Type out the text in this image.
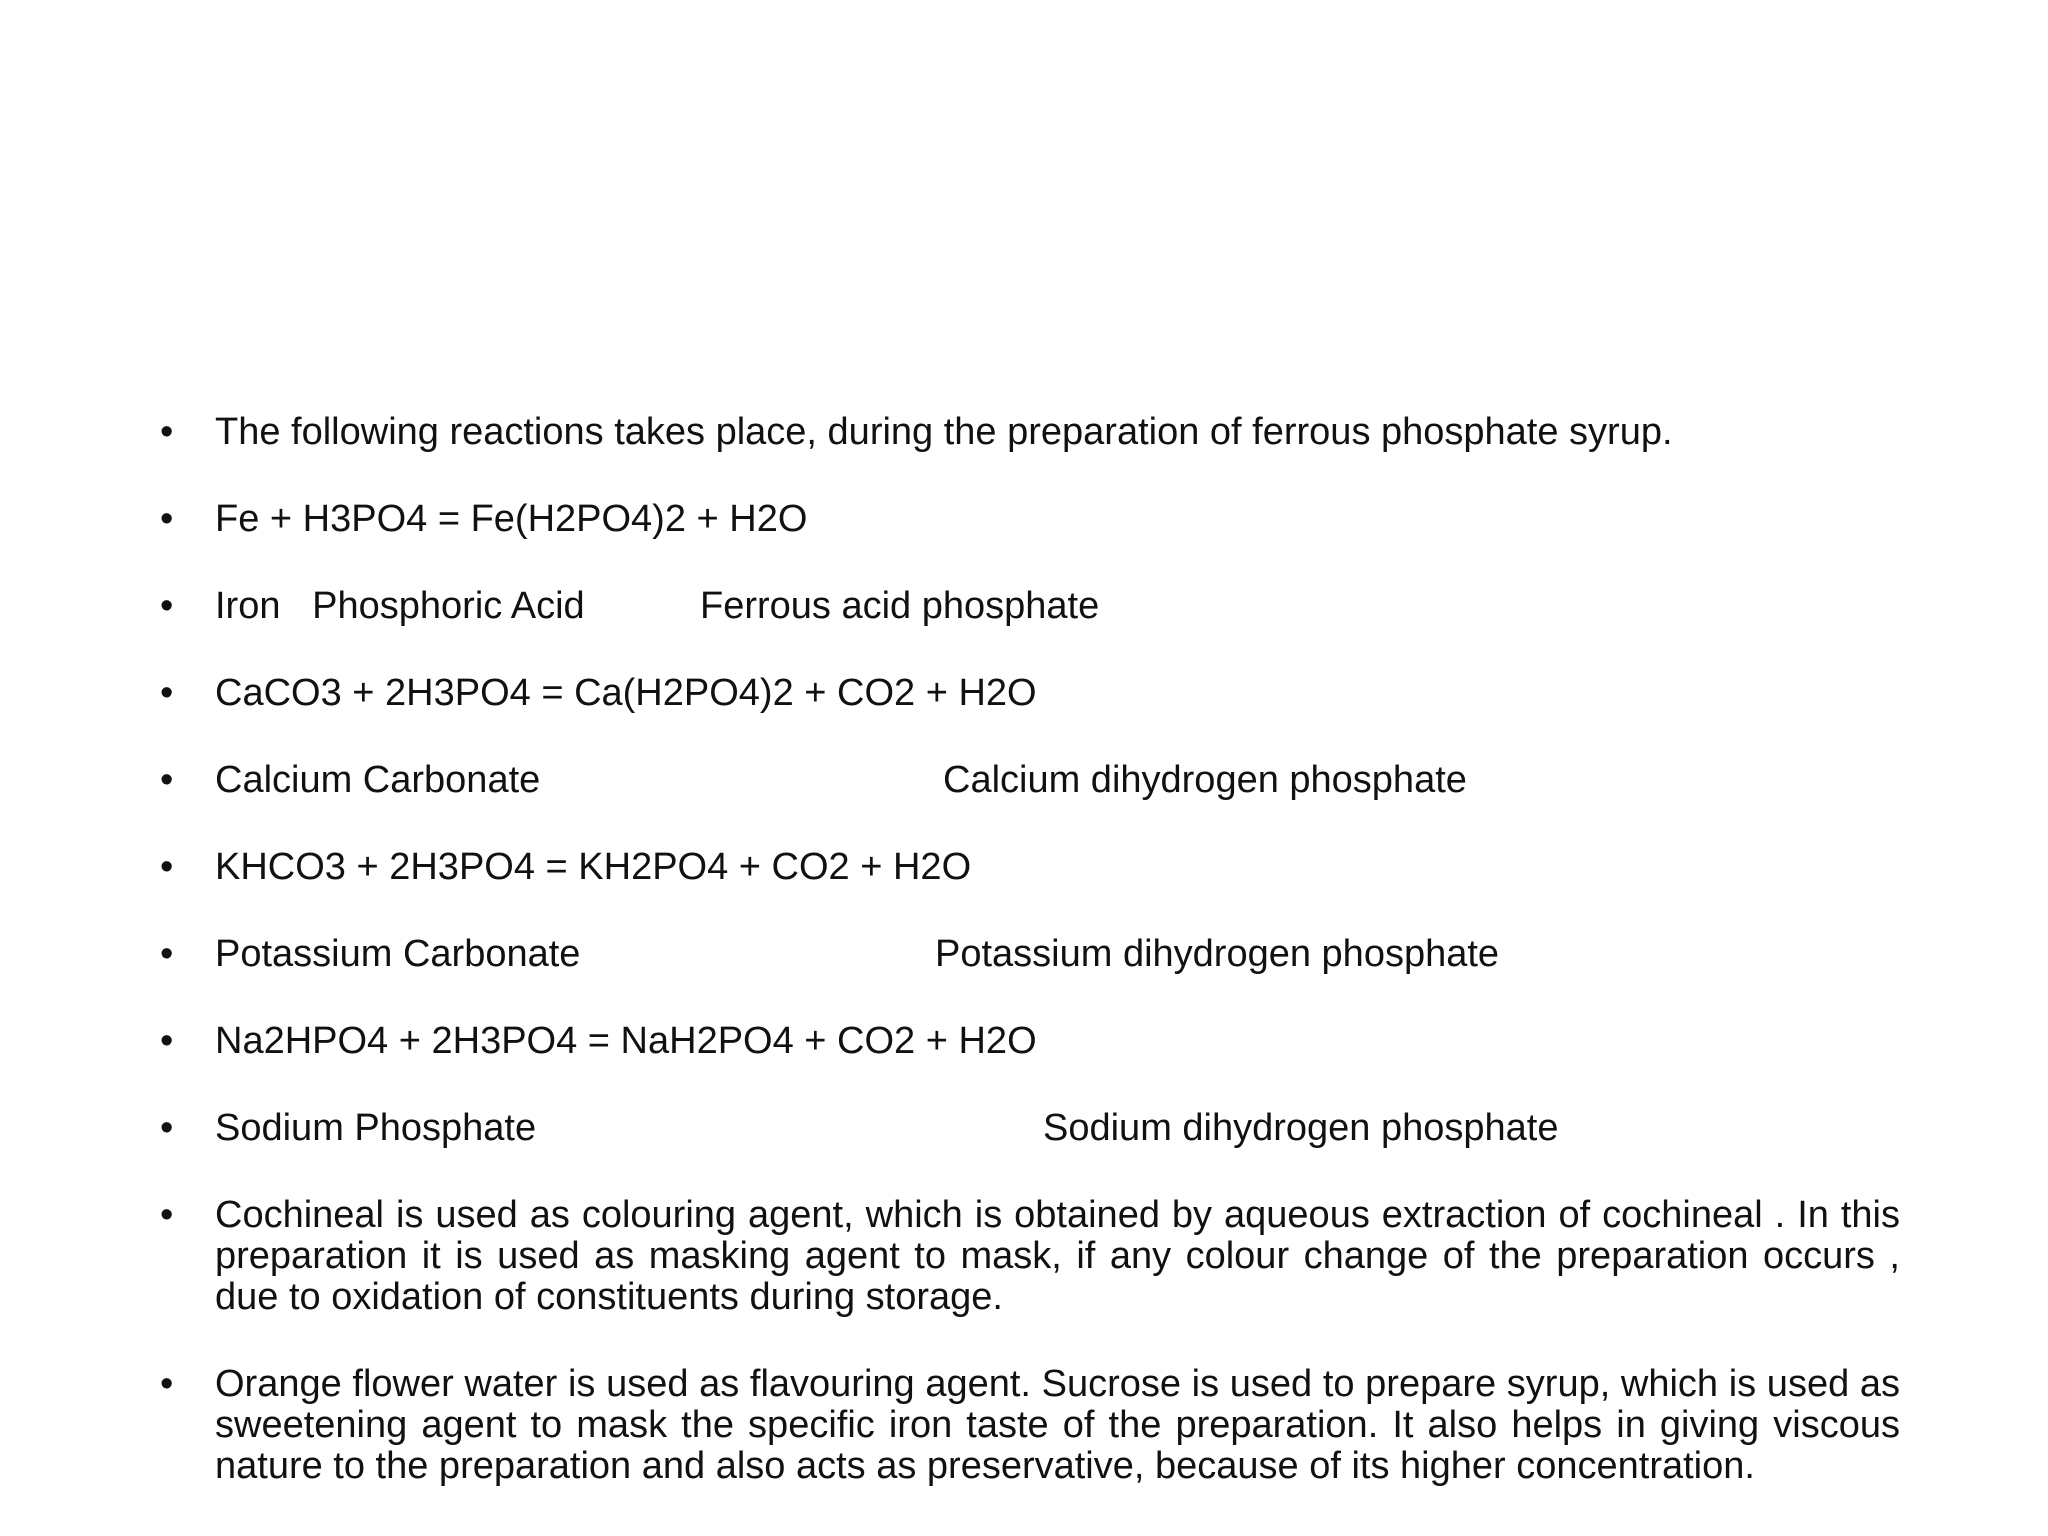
• The following reactions takes place, during the preparation of ferrous phosphate syrup.
• Fe + H3PO4 = Fe(H2PO4)2 + H2O
• Iron   Phosphoric Acid	Ferrous acid phosphate
• CaCO3 + 2H3PO4 = Ca(H2PO4)2 + CO2 + H2O
• Calcium Carbonate	Calcium dihydrogen phosphate
• KHCO3 + 2H3PO4 = KH2PO4 + CO2 + H2O
• Potassium Carbonate	Potassium dihydrogen phosphate
• Na2HPO4 + 2H3PO4 = NaH2PO4 + CO2 + H2O
• Sodium Phosphate	Sodium dihydrogen phosphate
• Cochineal is used as colouring agent, which is obtained by aqueous extraction of cochineal . In this preparation it is used as masking agent to mask, if any colour change of the preparation occurs , due to oxidation of constituents during storage.
• Orange flower water is used as flavouring agent. Sucrose is used to prepare syrup, which is used as sweetening agent to mask the specific iron taste of the preparation. It also helps in giving viscous nature to the preparation and also acts as preservative, because of its higher concentration.
